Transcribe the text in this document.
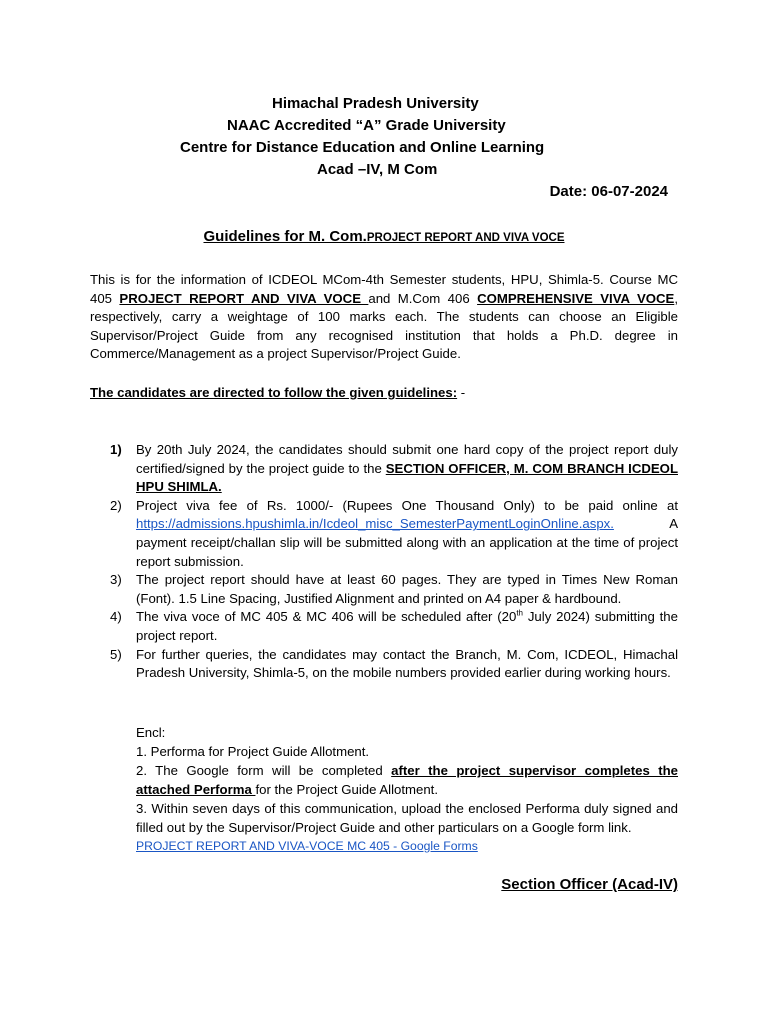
Himachal Pradesh University
NAAC Accredited “A” Grade University
Centre for Distance Education and Online Learning
Acad –IV, M Com
Date: 06-07-2024
Guidelines for M. Com.PROJECT REPORT AND VIVA VOCE
This is for the information of ICDEOL MCom-4th Semester students, HPU, Shimla-5. Course MC 405 PROJECT REPORT AND VIVA VOCE and M.Com 406 COMPREHENSIVE VIVA VOCE, respectively, carry a weightage of 100 marks each. The students can choose an Eligible Supervisor/Project Guide from any recognised institution that holds a Ph.D. degree in Commerce/Management as a project Supervisor/Project Guide.
The candidates are directed to follow the given guidelines: -
1) By 20th July 2024, the candidates should submit one hard copy of the project report duly certified/signed by the project guide to the SECTION OFFICER, M. COM BRANCH ICDEOL HPU SHIMLA.
2) Project viva fee of Rs. 1000/- (Rupees One Thousand Only) to be paid online at https://admissions.hpushimla.in/Icdeol_misc_SemesterPaymentLoginOnline.aspx. A payment receipt/challan slip will be submitted along with an application at the time of project report submission.
3) The project report should have at least 60 pages. They are typed in Times New Roman (Font). 1.5 Line Spacing, Justified Alignment and printed on A4 paper & hardbound.
4) The viva voce of MC 405 & MC 406 will be scheduled after (20th July 2024) submitting the project report.
5) For further queries, the candidates may contact the Branch, M. Com, ICDEOL, Himachal Pradesh University, Shimla-5, on the mobile numbers provided earlier during working hours.
Encl:
1. Performa for Project Guide Allotment.
2. The Google form will be completed after the project supervisor completes the attached Performa for the Project Guide Allotment.
3. Within seven days of this communication, upload the enclosed Performa duly signed and filled out by the Supervisor/Project Guide and other particulars on a Google form link.
PROJECT REPORT AND VIVA-VOCE MC 405 - Google Forms
Section Officer (Acad-IV)
